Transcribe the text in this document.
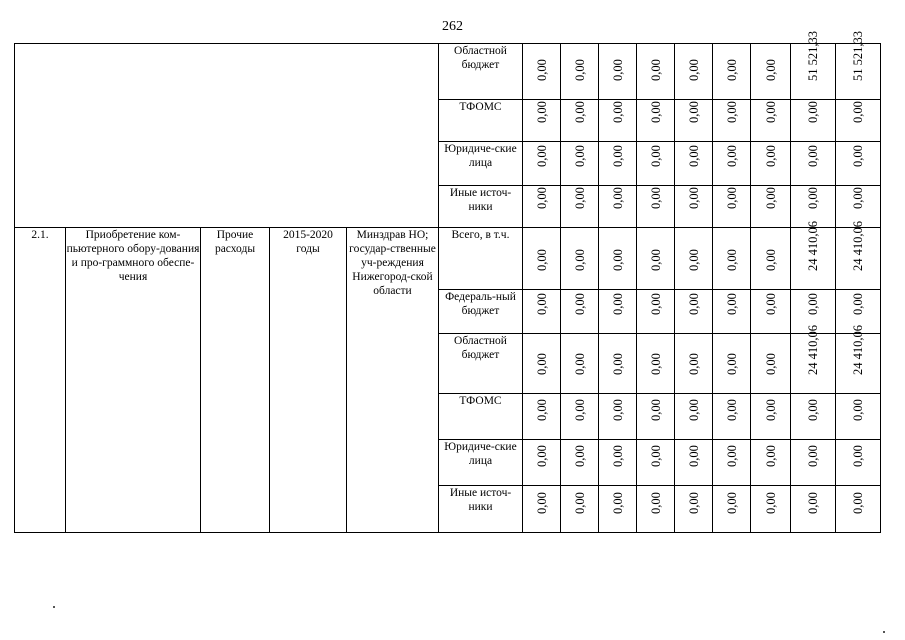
262
					Областной бюджет	0,00	0,00	0,00	0,00	0,00	0,00	0,00	51 521,33	51 521,33

					ТФОМС	0,00	0,00	0,00	0,00	0,00	0,00	0,00	0,00	0,00

					Юридиче-ские лица	0,00	0,00	0,00	0,00	0,00	0,00	0,00	0,00	0,00

					Иные источ-ники	0,00	0,00	0,00	0,00	0,00	0,00	0,00	0,00	0,00

2.1.	Приобретение ком-пьютерного обору-дования и про-граммного обеспе-чения	Прочие расходы	2015-2020 годы	Минздрав НО; государ-ственные уч-реждения Нижегород-ской области	Всего, в т.ч.	0,00	0,00	0,00	0,00	0,00	0,00	0,00	24 410,06	24 410,06

					Федераль-ный бюджет	0,00	0,00	0,00	0,00	0,00	0,00	0,00	0,00	0,00

					Областной бюджет	0,00	0,00	0,00	0,00	0,00	0,00	0,00	24 410,06	24 410,06

					ТФОМС	0,00	0,00	0,00	0,00	0,00	0,00	0,00	0,00	0,00

					Юридиче-ские лица	0,00	0,00	0,00	0,00	0,00	0,00	0,00	0,00	0,00

					Иные источ-ники	0,00	0,00	0,00	0,00	0,00	0,00	0,00	0,00	0,00
